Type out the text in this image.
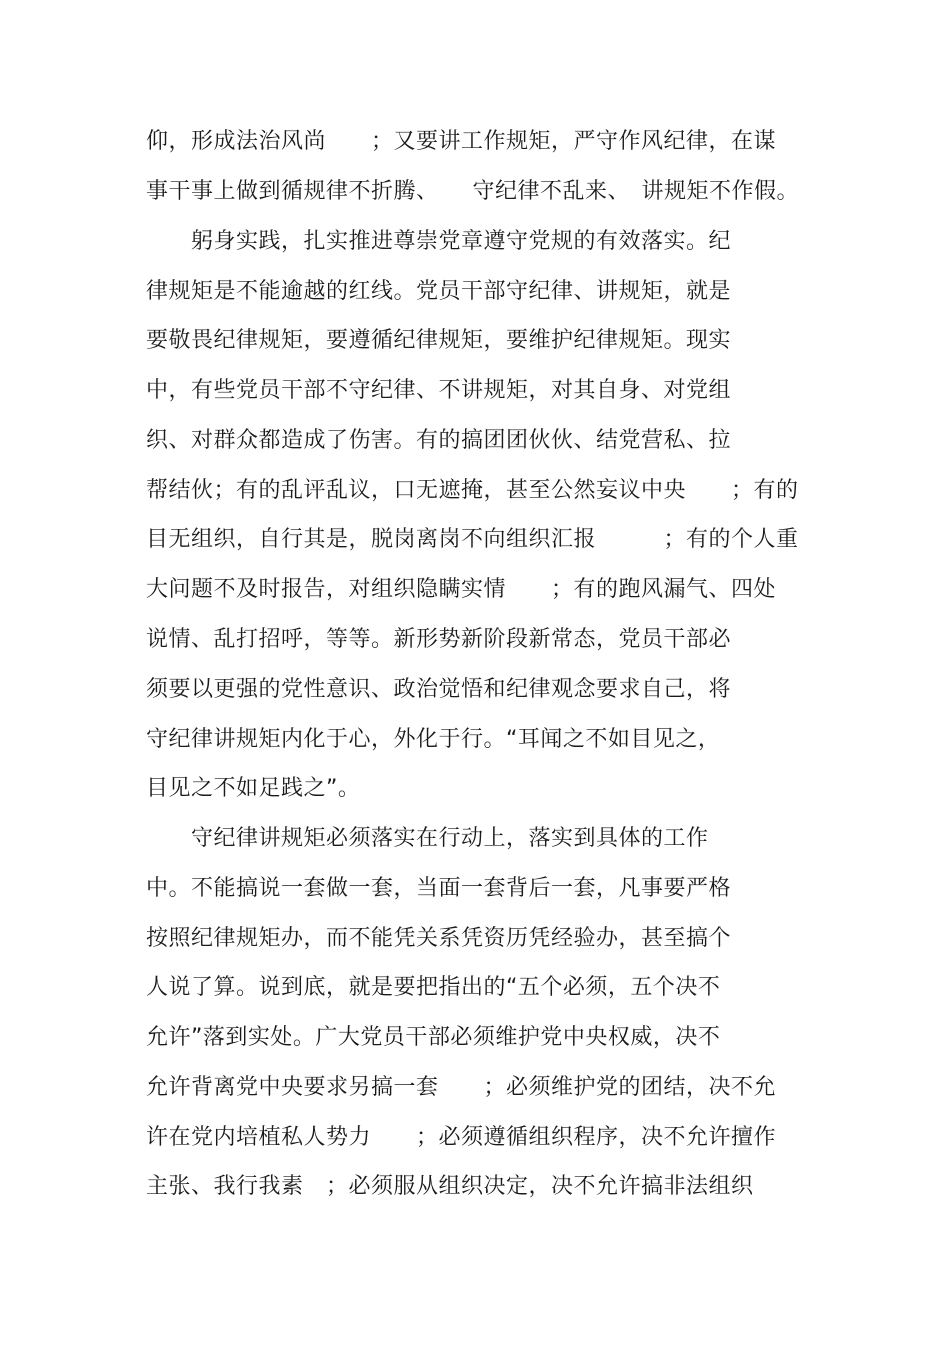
仰，形成法治风尚　　；又要讲工作规矩，严守作风纪律，在谋
事干事上做到循规律不折腾、　　守纪律不乱来、　讲规矩不作假。
　　躬身实践，扎实推进尊崇党章遵守党规的有效落实。纪
律规矩是不能逾越的红线。党员干部守纪律、讲规矩，就是
要敬畏纪律规矩，要遵循纪律规矩，要维护纪律规矩。现实
中，有些党员干部不守纪律、不讲规矩，对其自身、对党组
织、对群众都造成了伤害。有的搞团团伙伙、结党营私、拉
帮结伙；有的乱评乱议，口无遮掩，甚至公然妄议中央　　；有的
目无组织，自行其是，脱岗离岗不向组织汇报　　　；有的个人重
大问题不及时报告，对组织隐瞒实情　　；有的跑风漏气、四处
说情、乱打招呼，等等。新形势新阶段新常态，党员干部必
须要以更强的党性意识、政治觉悟和纪律观念要求自己，将
守纪律讲规矩内化于心，外化于行。“耳闻之不如目见之，
目见之不如足践之”。
　　守纪律讲规矩必须落实在行动上，落实到具体的工作
中。不能搞说一套做一套，当面一套背后一套，凡事要严格
按照纪律规矩办，而不能凭关系凭资历凭经验办，甚至搞个
人说了算。说到底，就是要把指出的“五个必须，五个决不
允许”落到实处。广大党员干部必须维护党中央权威，决不
允许背离党中央要求另搞一套　　；必须维护党的团结，决不允
许在党内培植私人势力　　；必须遵循组织程序，决不允许擅作
主张、我行我素　；必须服从组织决定，决不允许搞非法组织
